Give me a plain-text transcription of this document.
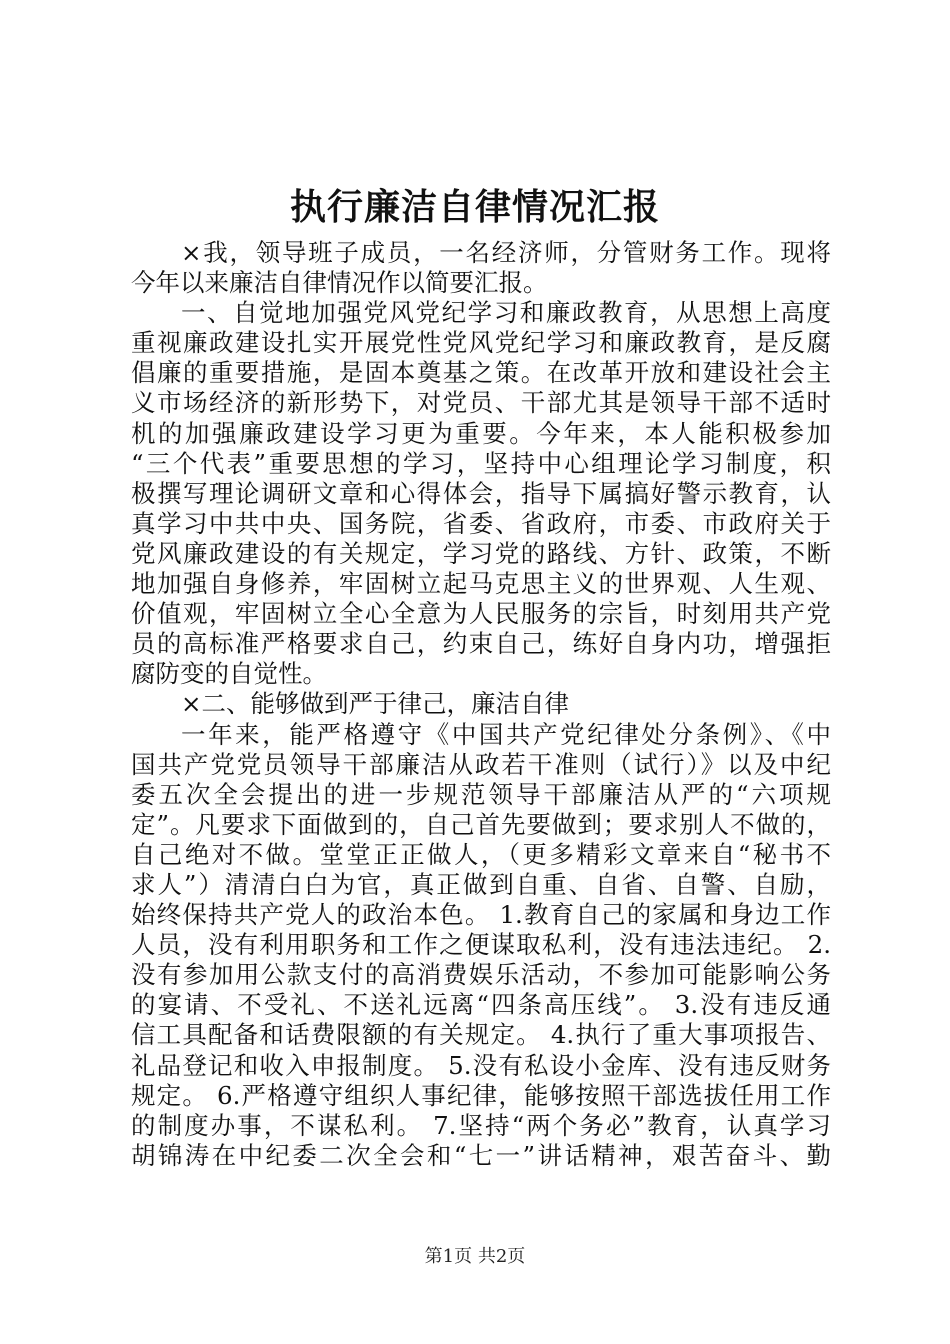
执行廉洁自律情况汇报
×我，领导班子成员，一名经济师，分管财务工作。现将
今年以来廉洁自律情况作以简要汇报。
一、自觉地加强党风党纪学习和廉政教育，从思想上高度
重视廉政建设扎实开展党性党风党纪学习和廉政教育，是反腐
倡廉的重要措施，是固本奠基之策。在改革开放和建设社会主
义市场经济的新形势下，对党员、干部尤其是领导干部不适时
机的加强廉政建设学习更为重要。今年来，本人能积极参加
“三个代表”重要思想的学习，坚持中心组理论学习制度，积
极撰写理论调研文章和心得体会，指导下属搞好警示教育，认
真学习中共中央、国务院，省委、省政府，市委、市政府关于
党风廉政建设的有关规定，学习党的路线、方针、政策，不断
地加强自身修养，牢固树立起马克思主义的世界观、人生观、
价值观，牢固树立全心全意为人民服务的宗旨，时刻用共产党
员的高标准严格要求自己，约束自己，练好自身内功，增强拒
腐防变的自觉性。
×二、能够做到严于律己，廉洁自律
一年来，能严格遵守《中国共产党纪律处分条例》、《中
国共产党党员领导干部廉洁从政若干准则（试行）》以及中纪
委五次全会提出的进一步规范领导干部廉洁从严的“六项规
定”。凡要求下面做到的，自己首先要做到；要求别人不做的，
自己绝对不做。堂堂正正做人，（更多精彩文章来自“秘书不
求人”）清清白白为官，真正做到自重、自省、自警、自励，
始终保持共产党人的政治本色。 1.教育自己的家属和身边工作
人员，没有利用职务和工作之便谋取私利，没有违法违纪。 2.
没有参加用公款支付的高消费娱乐活动，不参加可能影响公务
的宴请、不受礼、不送礼远离“四条高压线”。 3.没有违反通
信工具配备和话费限额的有关规定。 4.执行了重大事项报告、
礼品登记和收入申报制度。 5.没有私设小金库、没有违反财务
规定。 6.严格遵守组织人事纪律，能够按照干部选拔任用工作
的制度办事，不谋私利。 7.坚持“两个务必”教育，认真学习
胡锦涛在中纪委二次全会和“七一”讲话精神，艰苦奋斗、勤
第1页 共2页
